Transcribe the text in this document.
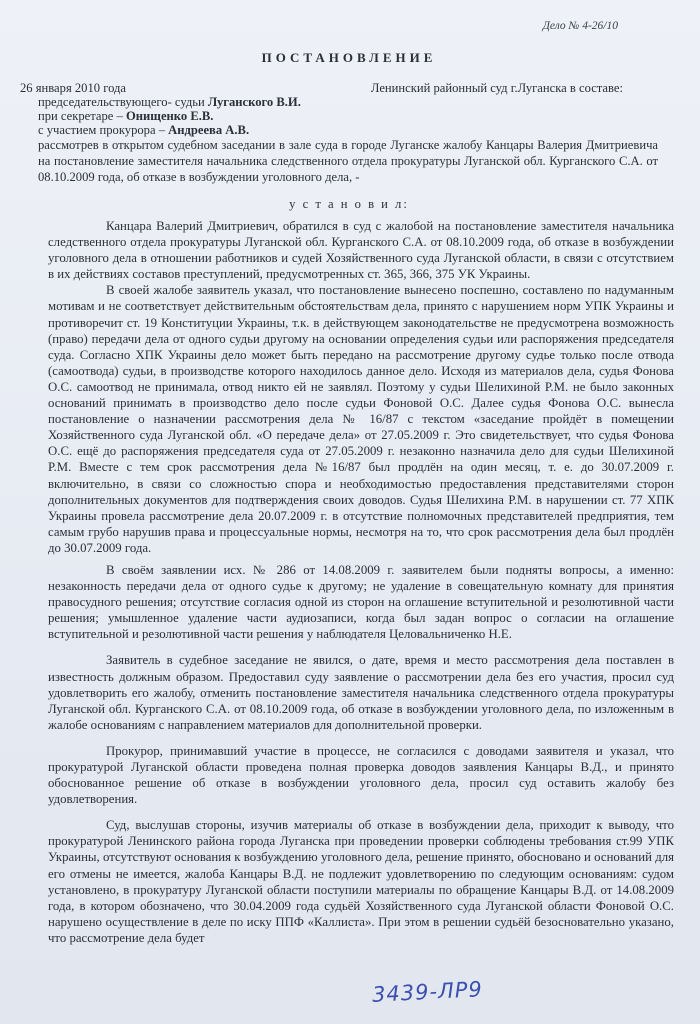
Дело № 4-26/10
ПОСТАНОВЛЕНИЕ
26 января 2010 года	Ленинский районный суд г.Луганска в составе:
председательствующего- судьи Луганского В.И.
при секретаре – Онищенко Е.В.
с участием прокурора – Андреева А.В.
рассмотрев в открытом судебном заседании в зале суда в городе Луганске жалобу Канцары Валерия Дмитриевича на постановление заместителя начальника следственного отдела прокуратуры Луганской обл. Курганского С.А. от 08.10.2009 года, об отказе в возбуждении уголовного дела, -
у с т а н о в и л:
Канцара Валерий Дмитриевич, обратился в суд с жалобой на постановление заместителя начальника следственного отдела прокуратуры Луганской обл. Курганского С.А. от 08.10.2009 года, об отказе в возбуждении уголовного дела в отношении работников и судей Хозяйственного суда Луганской области, в связи с отсутствием в их действиях составов преступлений, предусмотренных ст. 365, 366, 375 УК Украины.
В своей жалобе заявитель указал, что постановление вынесено поспешно, составлено по надуманным мотивам и не соответствует действительным обстоятельствам дела, принято с нарушением норм УПК Украины и противоречит ст. 19 Конституции Украины, т.к. в действующем законодательстве не предусмотрена возможность (право) передачи дела от одного судьи другому на основании определения судьи или распоряжения председателя суда. Согласно ХПК Украины дело может быть передано на рассмотрение другому судье только после отвода (самоотвода) судьи, в производстве которого находилось данное дело. Исходя из материалов дела, судья Фонова О.С. самоотвод не принимала, отвод никто ей не заявлял. Поэтому у судьи Шелихиной Р.М. не было законных оснований принимать в производство дело после судьи Фоновой О.С. Далее судья Фонова О.С. вынесла постановление о назначении рассмотрения дела № 16/87 с текстом «заседание пройдёт в помещении Хозяйственного суда Луганской обл. «О передаче дела» от 27.05.2009 г. Это свидетельствует, что судья Фонова О.С. ещё до распоряжения председателя суда от 27.05.2009 г. незаконно назначила дело для судьи Шелихиной Р.М. Вместе с тем срок рассмотрения дела №16/87 был продлён на один месяц, т. е. до 30.07.2009 г. включительно, в связи со сложностью спора и необходимостью предоставления представителями сторон дополнительных документов для подтверждения своих доводов. Судья Шелихина Р.М. в нарушении ст. 77 ХПК Украины провела рассмотрение дела 20.07.2009 г. в отсутствие полномочных представителей предприятия, тем самым грубо нарушив права и процессуальные нормы, несмотря на то, что срок рассмотрения дела был продлён до 30.07.2009 года.
В своём заявлении исх. № 286 от 14.08.2009 г. заявителем были подняты вопросы, а именно: незаконность передачи дела от одного судье к другому; не удаление в совещательную комнату для принятия правосудного решения; отсутствие согласия одной из сторон на оглашение вступительной и резолютивной части решения; умышленное удаление части аудиозаписи, когда был задан вопрос о согласии на оглашение вступительной и резолютивной части решения у наблюдателя Целовальниченко Н.Е.
Заявитель в судебное заседание не явился, о дате, время и место рассмотрения дела поставлен в известность должным образом. Предоставил суду заявление о рассмотрении дела без его участия, просил суд удовлетворить его жалобу, отменить постановление заместителя начальника следственного отдела прокуратуры Луганской обл. Курганского С.А. от 08.10.2009 года, об отказе в возбуждении уголовного дела, по изложенным в жалобе основаниям с направлением материалов для дополнительной проверки.
Прокурор, принимавший участие в процессе, не согласился с доводами заявителя и указал, что прокуратурой Луганской области проведена полная проверка доводов заявления Канцары В.Д., и принято обоснованное решение об отказе в возбуждении уголовного дела, просил суд оставить жалобу без удовлетворения.
Суд, выслушав стороны, изучив материалы об отказе в возбуждении дела, приходит к выводу, что прокуратурой Ленинского района города Луганска при проведении проверки соблюдены требования ст.99 УПК Украины, отсутствуют основания к возбуждению уголовного дела, решение принято, обосновано и оснований для его отмены не имеется, жалоба Канцары В.Д. не подлежит удовлетворению по следующим основаниям: судом установлено, в прокуратуру Луганской области поступили материалы по обращение Канцары В.Д. от 14.08.2009 года, в котором обозначено, что 30.04.2009 года судьёй Хозяйственного суда Луганской области Фоновой О.С. нарушено осуществление в деле по иску ППФ «Каллиста». При этом в решении судьёй безосновательно указано, что рассмотрение дела будет
3439-ЛР9
